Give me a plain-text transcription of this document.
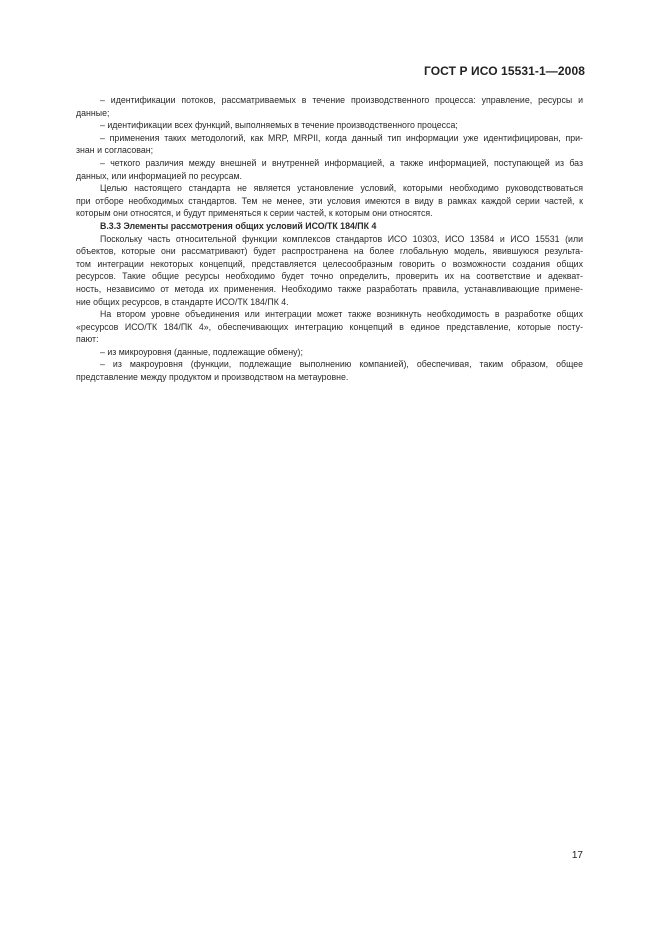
ГОСТ Р ИСО 15531-1—2008
– идентификации потоков, рассматриваемых в течение производственного процесса: управление, ресурсы и
данные;
– идентификации всех функций, выполняемых в течение производственного процесса;
– применения таких методологий, как MRP, MRPII, когда данный тип информации уже идентифицирован, при-
знан и согласован;
– четкого различия между внешней и внутренней информацией, а также информацией, поступающей из баз
данных, или информацией по ресурсам.
Целью настоящего стандарта не является установление условий, которыми необходимо руководствоваться
при отборе необходимых стандартов. Тем не менее, эти условия имеются в виду в рамках каждой серии частей, к
которым они относятся, и будут применяться к серии частей, к которым они относятся.
B.3.3 Элементы рассмотрения общих условий ИСО/ТК 184/ПК 4
Поскольку часть относительной функции комплексов стандартов ИСО 10303, ИСО 13584 и ИСО 15531 (или
объектов, которые они рассматривают) будет распространена на более глобальную модель, явившуюся результа-
том интеграции некоторых концепций, представляется целесообразным говорить о возможности создания общих
ресурсов. Такие общие ресурсы необходимо будет точно определить, проверить их на соответствие и адекват-
ность, независимо от метода их применения. Необходимо также разработать правила, устанавливающие примене-
ние общих ресурсов, в стандарте ИСО/ТК 184/ПК 4.
На втором уровне объединения или интеграции может также возникнуть необходимость в разработке общих
«ресурсов ИСО/ТК 184/ПК 4», обеспечивающих интеграцию концепций в единое представление, которые посту-
пают:
– из микроуровня (данные, подлежащие обмену);
– из макроуровня (функции, подлежащие выполнению компанией), обеспечивая, таким образом, общее
представление между продуктом и производством на метауровне.
17
